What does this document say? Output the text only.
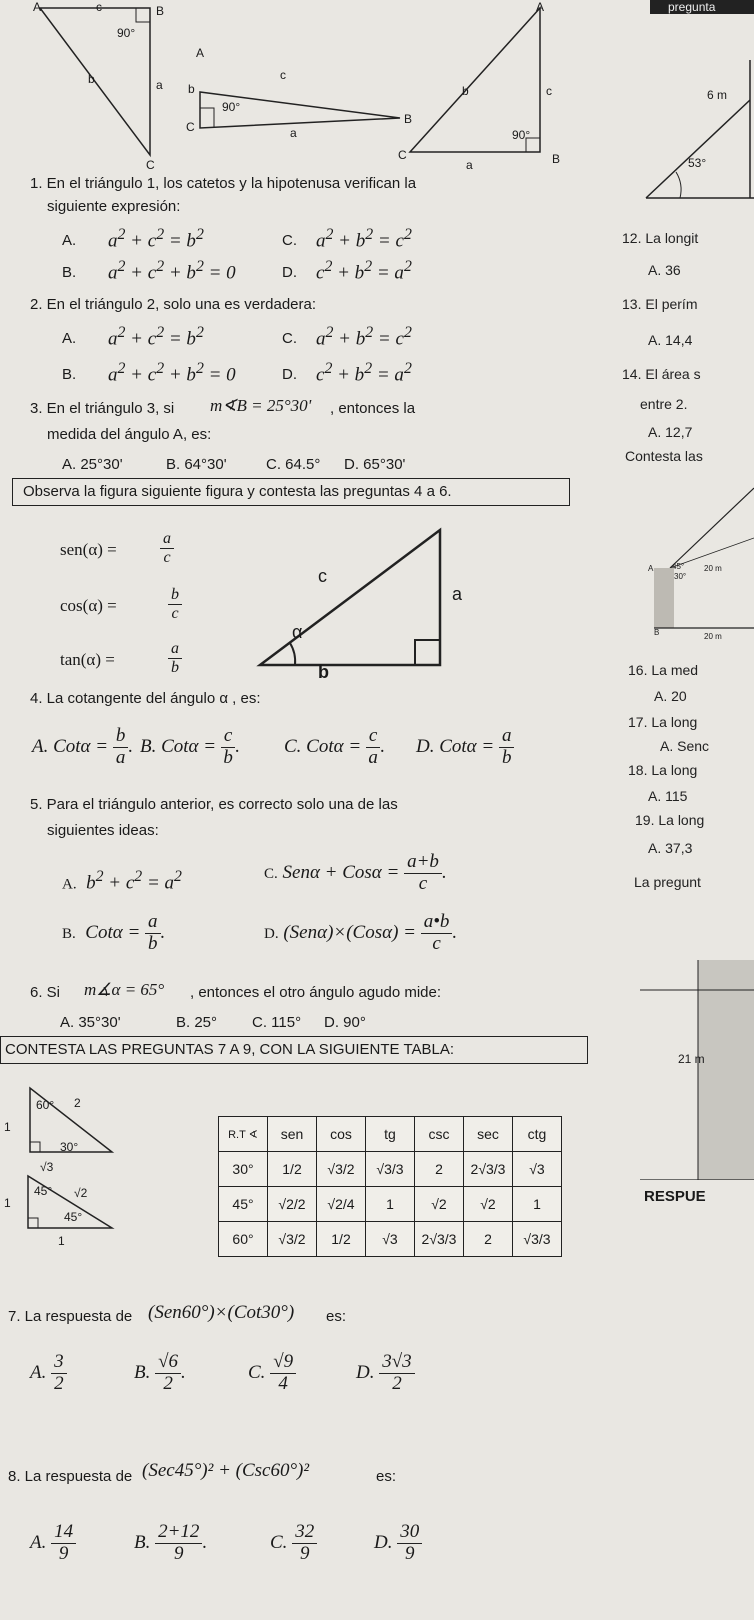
A	c	B
90°
b	a
C
A
c
b
90°
B
C	a
A
b	c
90°
C
a	B
pregunta
6 m
53°
1. En el triángulo 1, los catetos y la hipotenusa verifican la
siguiente expresión:
A. $a^2 + c^2 = b^2$	C. $a^2 + b^2 = c^2$
B. $a^2 + c^2 + b^2 = 0$	D. $c^2 + b^2 = a^2$
2. En el triángulo 2, solo una es verdadera:
A. $a^2 + c^2 = b^2$	C. $a^2 + b^2 = c^2$
B. $a^2 + c^2 + b^2 = 0$	D. $c^2 + b^2 = a^2$
3. En el triángulo 3, si m∢B = 25°30' , entonces la
medida del ángulo A, es:
A. 25°30'	B. 64°30'	C. 64.5° D. 65°30'
Observa la figura siguiente figura y contesta las preguntas 4 a 6.
sen(α) =	$\frac{a}{c}$
cos(α) =	$\frac{b}{c}$
tan(α) =	$\frac{a}{b}$
c
a
α
b
4. La cotangente del ángulo α , es:
A. $Cot\alpha = \frac{b}{a}$ . B. $Cot\alpha = \frac{c}{b}$ . C. $Cot\alpha = \frac{c}{a}$ . D. $Cot\alpha = \frac{a}{b}$
5. Para el triángulo anterior, es correcto solo una de las
siguientes ideas:
A.  $b^2 + c^2 = a^2$	C. $Sen\alpha + Cos\alpha = \frac{a+b}{c}$ .
B.  $Cot\alpha = \frac{a}{b}$ .	D. $(Sen\alpha)\times(Cos\alpha) = \frac{a•b}{c}$ .
6. Si m∡α = 65° , entonces el otro ángulo agudo mide:
A. 35°30'	B. 25° C. 115° D. 90°
CONTESTA LAS PREGUNTAS 7 A 9, CON LA SIGUIENTE TABLA:
1
60° 2
30°
√3
1
45° √2
45°
1
R.T ∢	sen	cos	tg	csc	sec	ctg
30°	1/2	√3/2	√3/3	2	2√3/3	√3
45°	√2/2	√2/4	1	√2	√2	1
60°	√3/2	1/2	√3	2√3/3	2	√3/3
7. La respuesta de (Sen60°)×(Cot30°) es:
A. $\frac{3}{2}$	B. $\frac{√6}{2}$ .	C. $\frac{√9}{4}$	D. $\frac{3√3}{2}$
8. La respuesta de (Sec45°)² + (Csc60°)²	es:
A. $\frac{14}{9}$	B. $\frac{2+12}{9}$ .	C. $\frac{32}{9}$	D. $\frac{30}{9}$
12. La longit
A. 36
13. El perím
A. 14,4
14. El área s
entre 2.
A. 12,7
Contesta las
A 45° 20 m
30°
B	20 m
16. La med
A. 20
17. La long
A. Senc
18. La long
A. 115
19. La long
A. 37,3
La pregunt
21 m
RESPUE
